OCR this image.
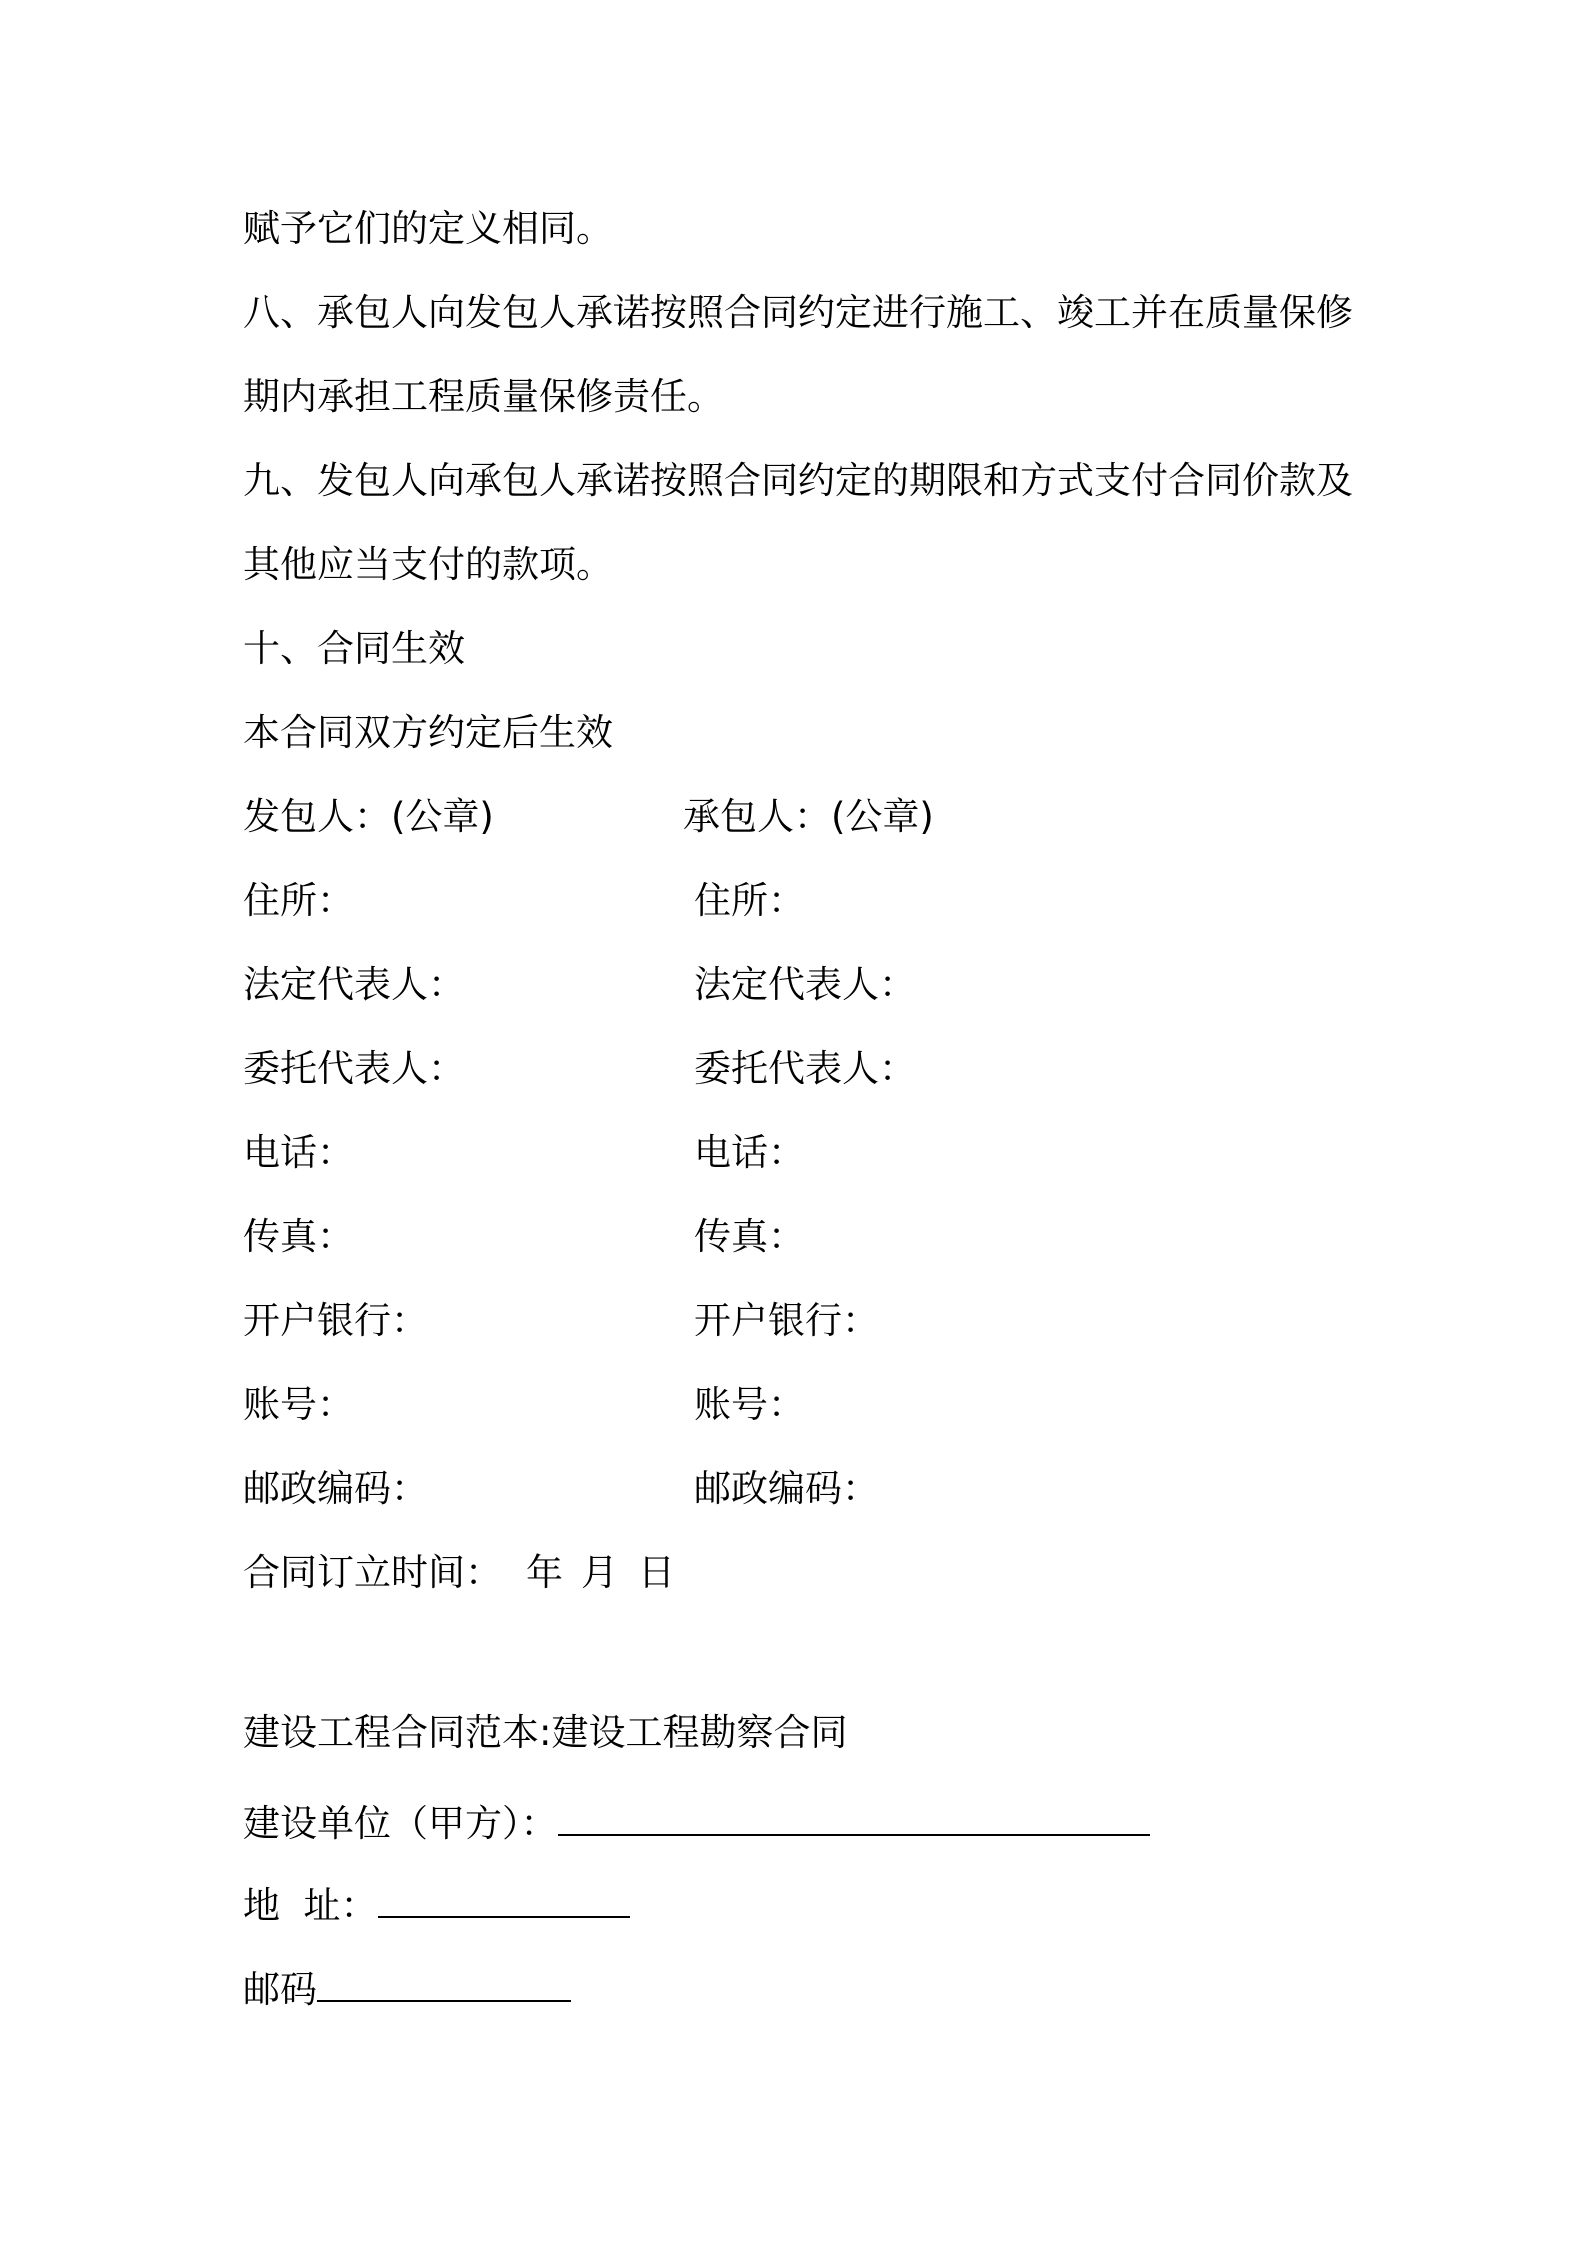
赋予它们的定义相同。
八、承包人向发包人承诺按照合同约定进行施工、竣工并在质量保修
期内承担工程质量保修责任。
九、发包人向承包人承诺按照合同约定的期限和方式支付合同价款及
其他应当支付的款项。
十、合同生效
本合同双方约定后生效
发包人：(公章)
住所：
法定代表人：
委托代表人：
电话：
传真：
开户银行：
账号：
邮政编码：
承包人：(公章)
住所：
法定代表人：
委托代表人：
电话：
传真：
开户银行：
账号：
邮政编码：
合同订立时间： 年 月 日
建设工程合同范本:建设工程勘察合同
建设单位（甲方）：
地  址：
邮码
